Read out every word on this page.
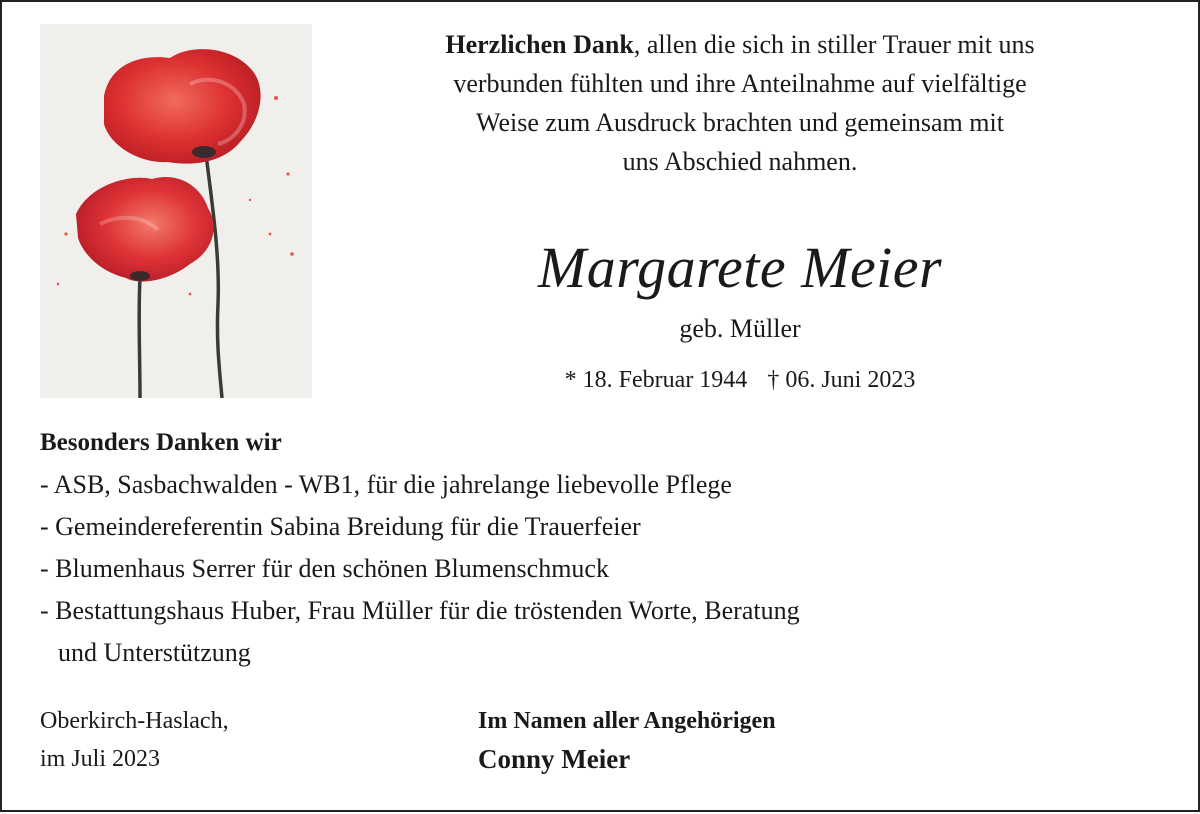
Herzlichen Dank, allen die sich in stiller Trauer mit uns
verbunden fühlten und ihre Anteilnahme auf vielfältige
Weise zum Ausdruck brachten und gemeinsam mit
uns Abschied nahmen.
Margarete Meier
geb. Müller
* 18. Februar 1944 † 06. Juni 2023
Besonders Danken wir
- ASB, Sasbachwalden - WB1, für die jahrelange liebevolle Pflege
- Gemeindereferentin Sabina Breidung für die Trauerfeier
- Blumenhaus Serrer für den schönen Blumenschmuck
- Bestattungshaus Huber, Frau Müller für die tröstenden Worte, Beratung
und Unterstützung
Oberkirch-Haslach,
im Juli 2023
Im Namen aller Angehörigen
Conny Meier
